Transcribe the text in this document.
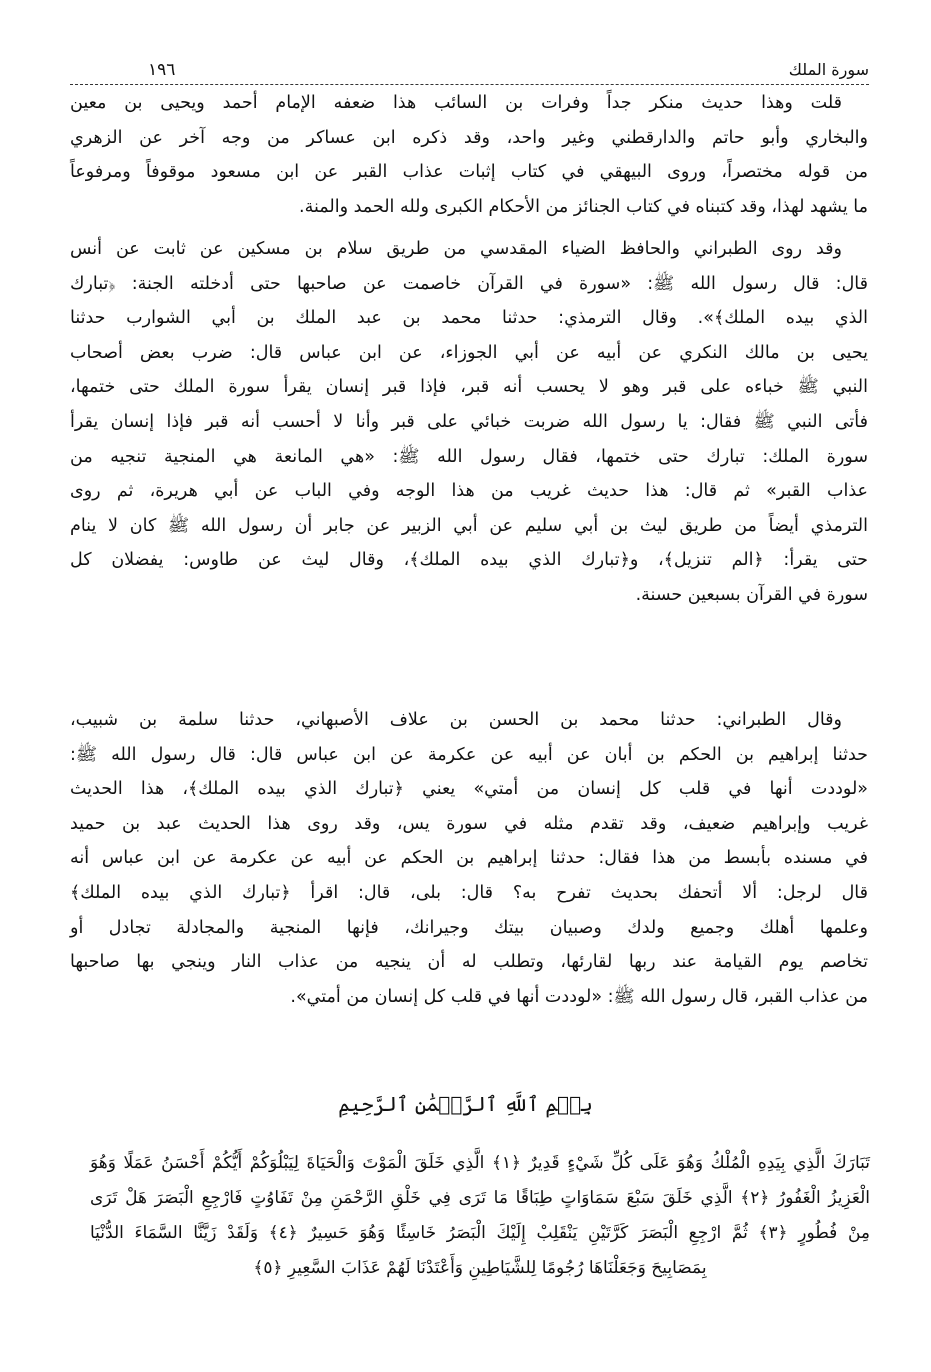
١٩٦	سورة الملك
قلت وهذا حديث منكر جداً وفرات بن السائب هذا ضعفه الإمام أحمد ويحيى بن معين
والبخاري وأبو حاتم والدارقطني وغير واحد، وقد ذكره ابن عساكر من وجه آخر عن الزهري
من قوله مختصراً، وروى البيهقي في كتاب إثبات عذاب القبر عن ابن مسعود موقوفاً ومرفوعاً
ما يشهد لهذا، وقد كتبناه في كتاب الجنائز من الأحكام الكبرى ولله الحمد والمنة.
وقد روى الطبراني والحافظ الضياء المقدسي من طريق سلام بن مسكين عن ثابت عن أنس
قال: قال رسول الله ﷺ: «سورة في القرآن خاصمت عن صاحبها حتى أدخلته الجنة: ﴿تبارك
الذي بيده الملك﴾». وقال الترمذي: حدثنا محمد بن عبد الملك بن أبي الشوارب حدثنا
يحيى بن مالك النكري عن أبيه عن أبي الجوزاء، عن ابن عباس قال: ضرب بعض أصحاب
النبي ﷺ خباءه على قبر وهو لا يحسب أنه قبر، فإذا قبر إنسان يقرأ سورة الملك حتى ختمها،
فأتى النبي ﷺ فقال: يا رسول الله ضربت خبائي على قبر وأنا لا أحسب أنه قبر فإذا إنسان يقرأ
سورة الملك: تبارك حتى ختمها، فقال رسول الله ﷺ: «هي المانعة هي المنجية تنجيه من
عذاب القبر» ثم قال: هذا حديث غريب من هذا الوجه وفي الباب عن أبي هريرة، ثم روى
الترمذي أيضاً من طريق ليث بن أبي سليم عن أبي الزبير عن جابر أن رسول الله ﷺ كان لا ينام
حتى يقرأ: ﴿الم تنزيل﴾، و﴿تبارك الذي بيده الملك﴾، وقال ليث عن طاوس: يفضلان كل
سورة في القرآن بسبعين حسنة.
وقال الطبراني: حدثنا محمد بن الحسن بن علاف الأصبهاني، حدثنا سلمة بن شبيب،
حدثنا إبراهيم بن الحكم بن أبان عن أبيه عن عكرمة عن ابن عباس قال: قال رسول الله ﷺ:
«لوددت أنها في قلب كل إنسان من أمتي» يعني ﴿تبارك الذي بيده الملك﴾، هذا الحديث
غريب وإبراهيم ضعيف، وقد تقدم مثله في سورة يس، وقد روى هذا الحديث عبد بن حميد
في مسنده بأبسط من هذا فقال: حدثنا إبراهيم بن الحكم عن أبيه عن عكرمة عن ابن عباس أنه
قال لرجل: ألا أتحفك بحديث تفرح به؟ قال: بلى، قال: اقرأ ﴿تبارك الذي بيده الملك﴾
وعلمها أهلك وجميع ولدك وصبيان بيتك وجيرانك، فإنها المنجية والمجادلة تجادل أو
تخاصم يوم القيامة عند ربها لقارئها، وتطلب له أن ينجيه من عذاب النار وينجي بها صاحبها
من عذاب القبر، قال رسول الله ﷺ: «لوددت أنها في قلب كل إنسان من أمتي».
بِسۡمِ ٱللَّهِ ٱلرَّحۡمَٰنِ ٱلرَّحِيمِ
تَبَارَكَ الَّذِي بِيَدِهِ الْمُلْكُ وَهُوَ عَلَى كُلِّ شَيْءٍ قَدِيرٌ ﴿١﴾ الَّذِي خَلَقَ الْمَوْتَ وَالْحَيَاةَ لِيَبْلُوَكُمْ أَيُّكُمْ أَحْسَنُ عَمَلًا وَهُوَ
الْعَزِيزُ الْغَفُورُ ﴿٢﴾ الَّذِي خَلَقَ سَبْعَ سَمَاوَاتٍ طِبَاقًا مَا تَرَى فِي خَلْقِ الرَّحْمَنِ مِنْ تَفَاوُتٍ فَارْجِعِ الْبَصَرَ هَلْ تَرَى
مِنْ فُطُورٍ ﴿٣﴾ ثُمَّ ارْجِعِ الْبَصَرَ كَرَّتَيْنِ يَنْقَلِبْ إِلَيْكَ الْبَصَرُ خَاسِئًا وَهُوَ حَسِيرٌ ﴿٤﴾ وَلَقَدْ زَيَّنَّا السَّمَاءَ الدُّنْيَا
بِمَصَابِيحَ وَجَعَلْنَاهَا رُجُومًا لِلشَّيَاطِينِ وَأَعْتَدْنَا لَهُمْ عَذَابَ السَّعِيرِ ﴿٥﴾
